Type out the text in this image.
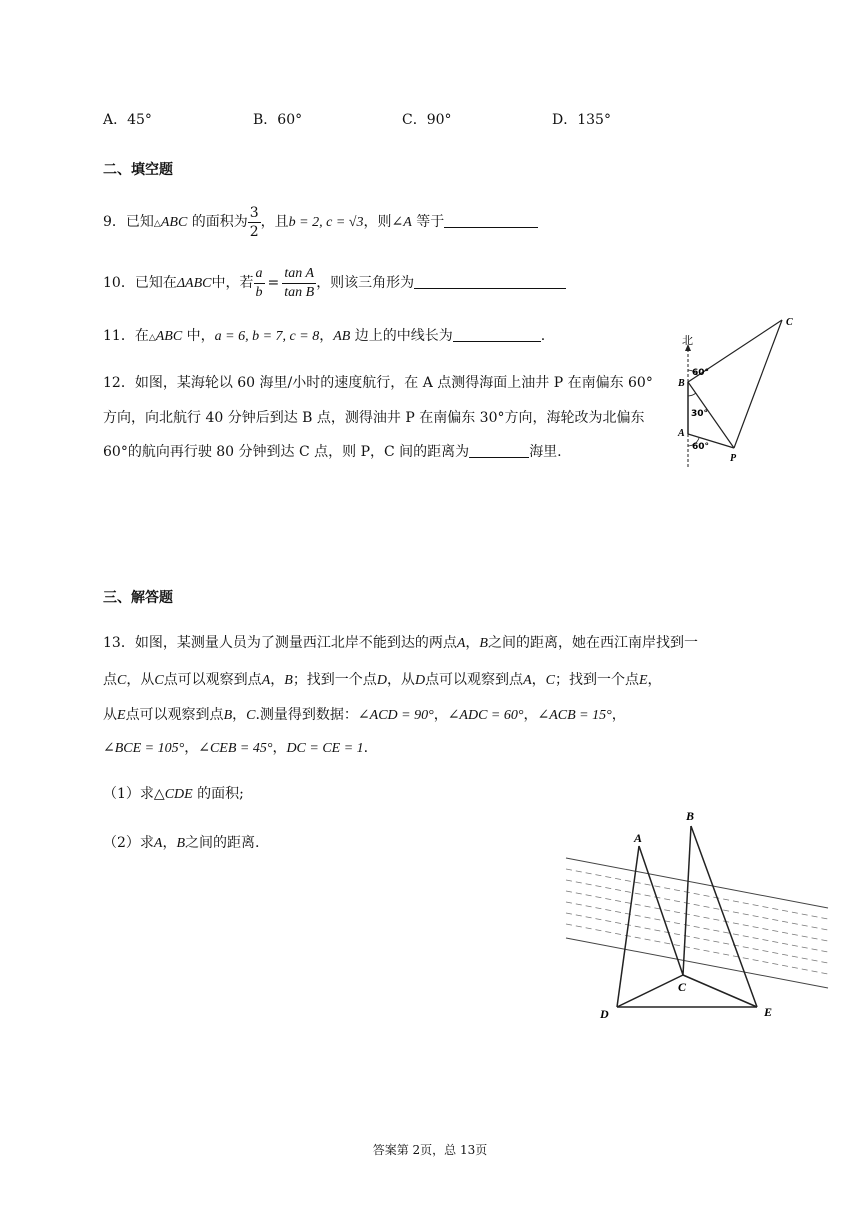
A．45°	B．60°	C．90°	D．135°
二、填空题
9．已知△ABC 的面积为 $\frac{3}{2}$ ，且b = 2, c = √3，则∠A 等于
10．已知在ΔABC中，若 $\frac{a}{b} = \frac{\text{tan A}}{\text{tan B}}$ ，则该三角形为
11．在△ABC 中，a = 6, b = 7, c = 8，AB 边上的中线长为	.
12．如图，某海轮以 60 海里/小时的速度航行，在 A 点测得海面上油井 P 在南偏东 60°
方向，向北航行 40 分钟后到达 B 点，测得油井 P 在南偏东 30°方向，海轮改为北偏东
60°的航向再行驶 80 分钟到达 C 点，则 P，C 间的距离为	海里.
北
C
B
A
P
60°
30°
60°
三、解答题
13．如图，某测量人员为了测量西江北岸不能到达的两点A，B之间的距离，她在西江南岸找到一
点C，从C点可以观察到点A，B；找到一个点D，从D点可以观察到点A，C；找到一个点E，
从E点可以观察到点B，C.测量得到数据：∠ACD = 90°，∠ADC = 60°，∠ACB = 15°，
∠BCE = 105°，∠CEB = 45°，DC = CE = 1.
（1）求△CDE 的面积;
（2）求A，B之间的距离.	A
B
C
D	E
答案第 2页，总 13页
